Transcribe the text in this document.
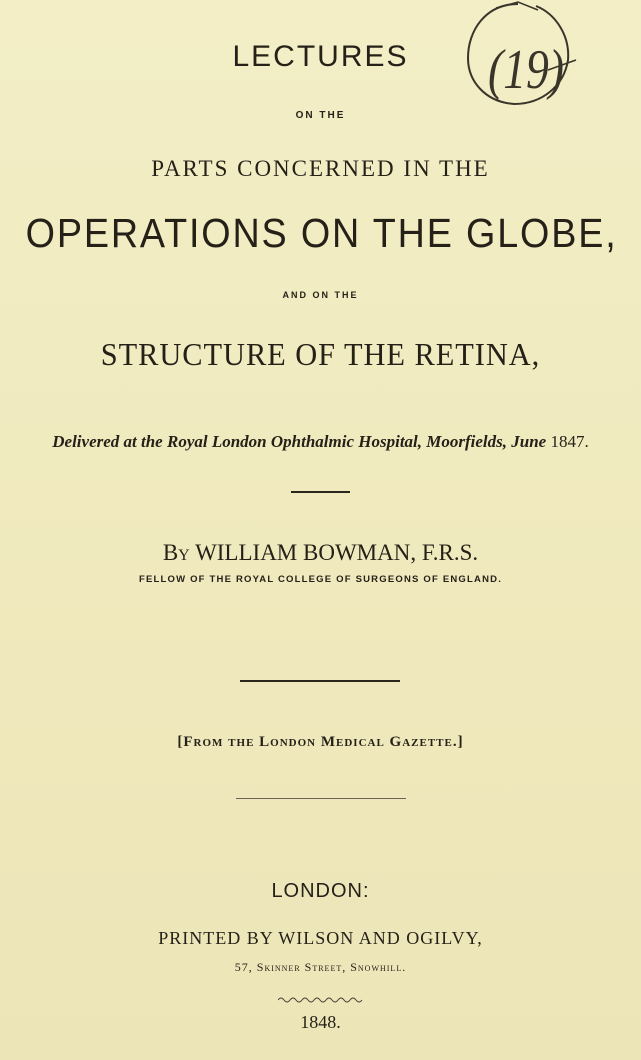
(19)
LECTURES
ON THE
PARTS CONCERNED IN THE
OPERATIONS ON THE GLOBE,
AND ON THE
STRUCTURE OF THE RETINA,
Delivered at the Royal London Ophthalmic Hospital, Moorfields, June 1847.
By WILLIAM BOWMAN, F.R.S.
FELLOW OF THE ROYAL COLLEGE OF SURGEONS OF ENGLAND.
[From the London Medical Gazette.]
LONDON:
PRINTED BY WILSON AND OGILVY,
57, Skinner Street, Snowhill.
1848.
